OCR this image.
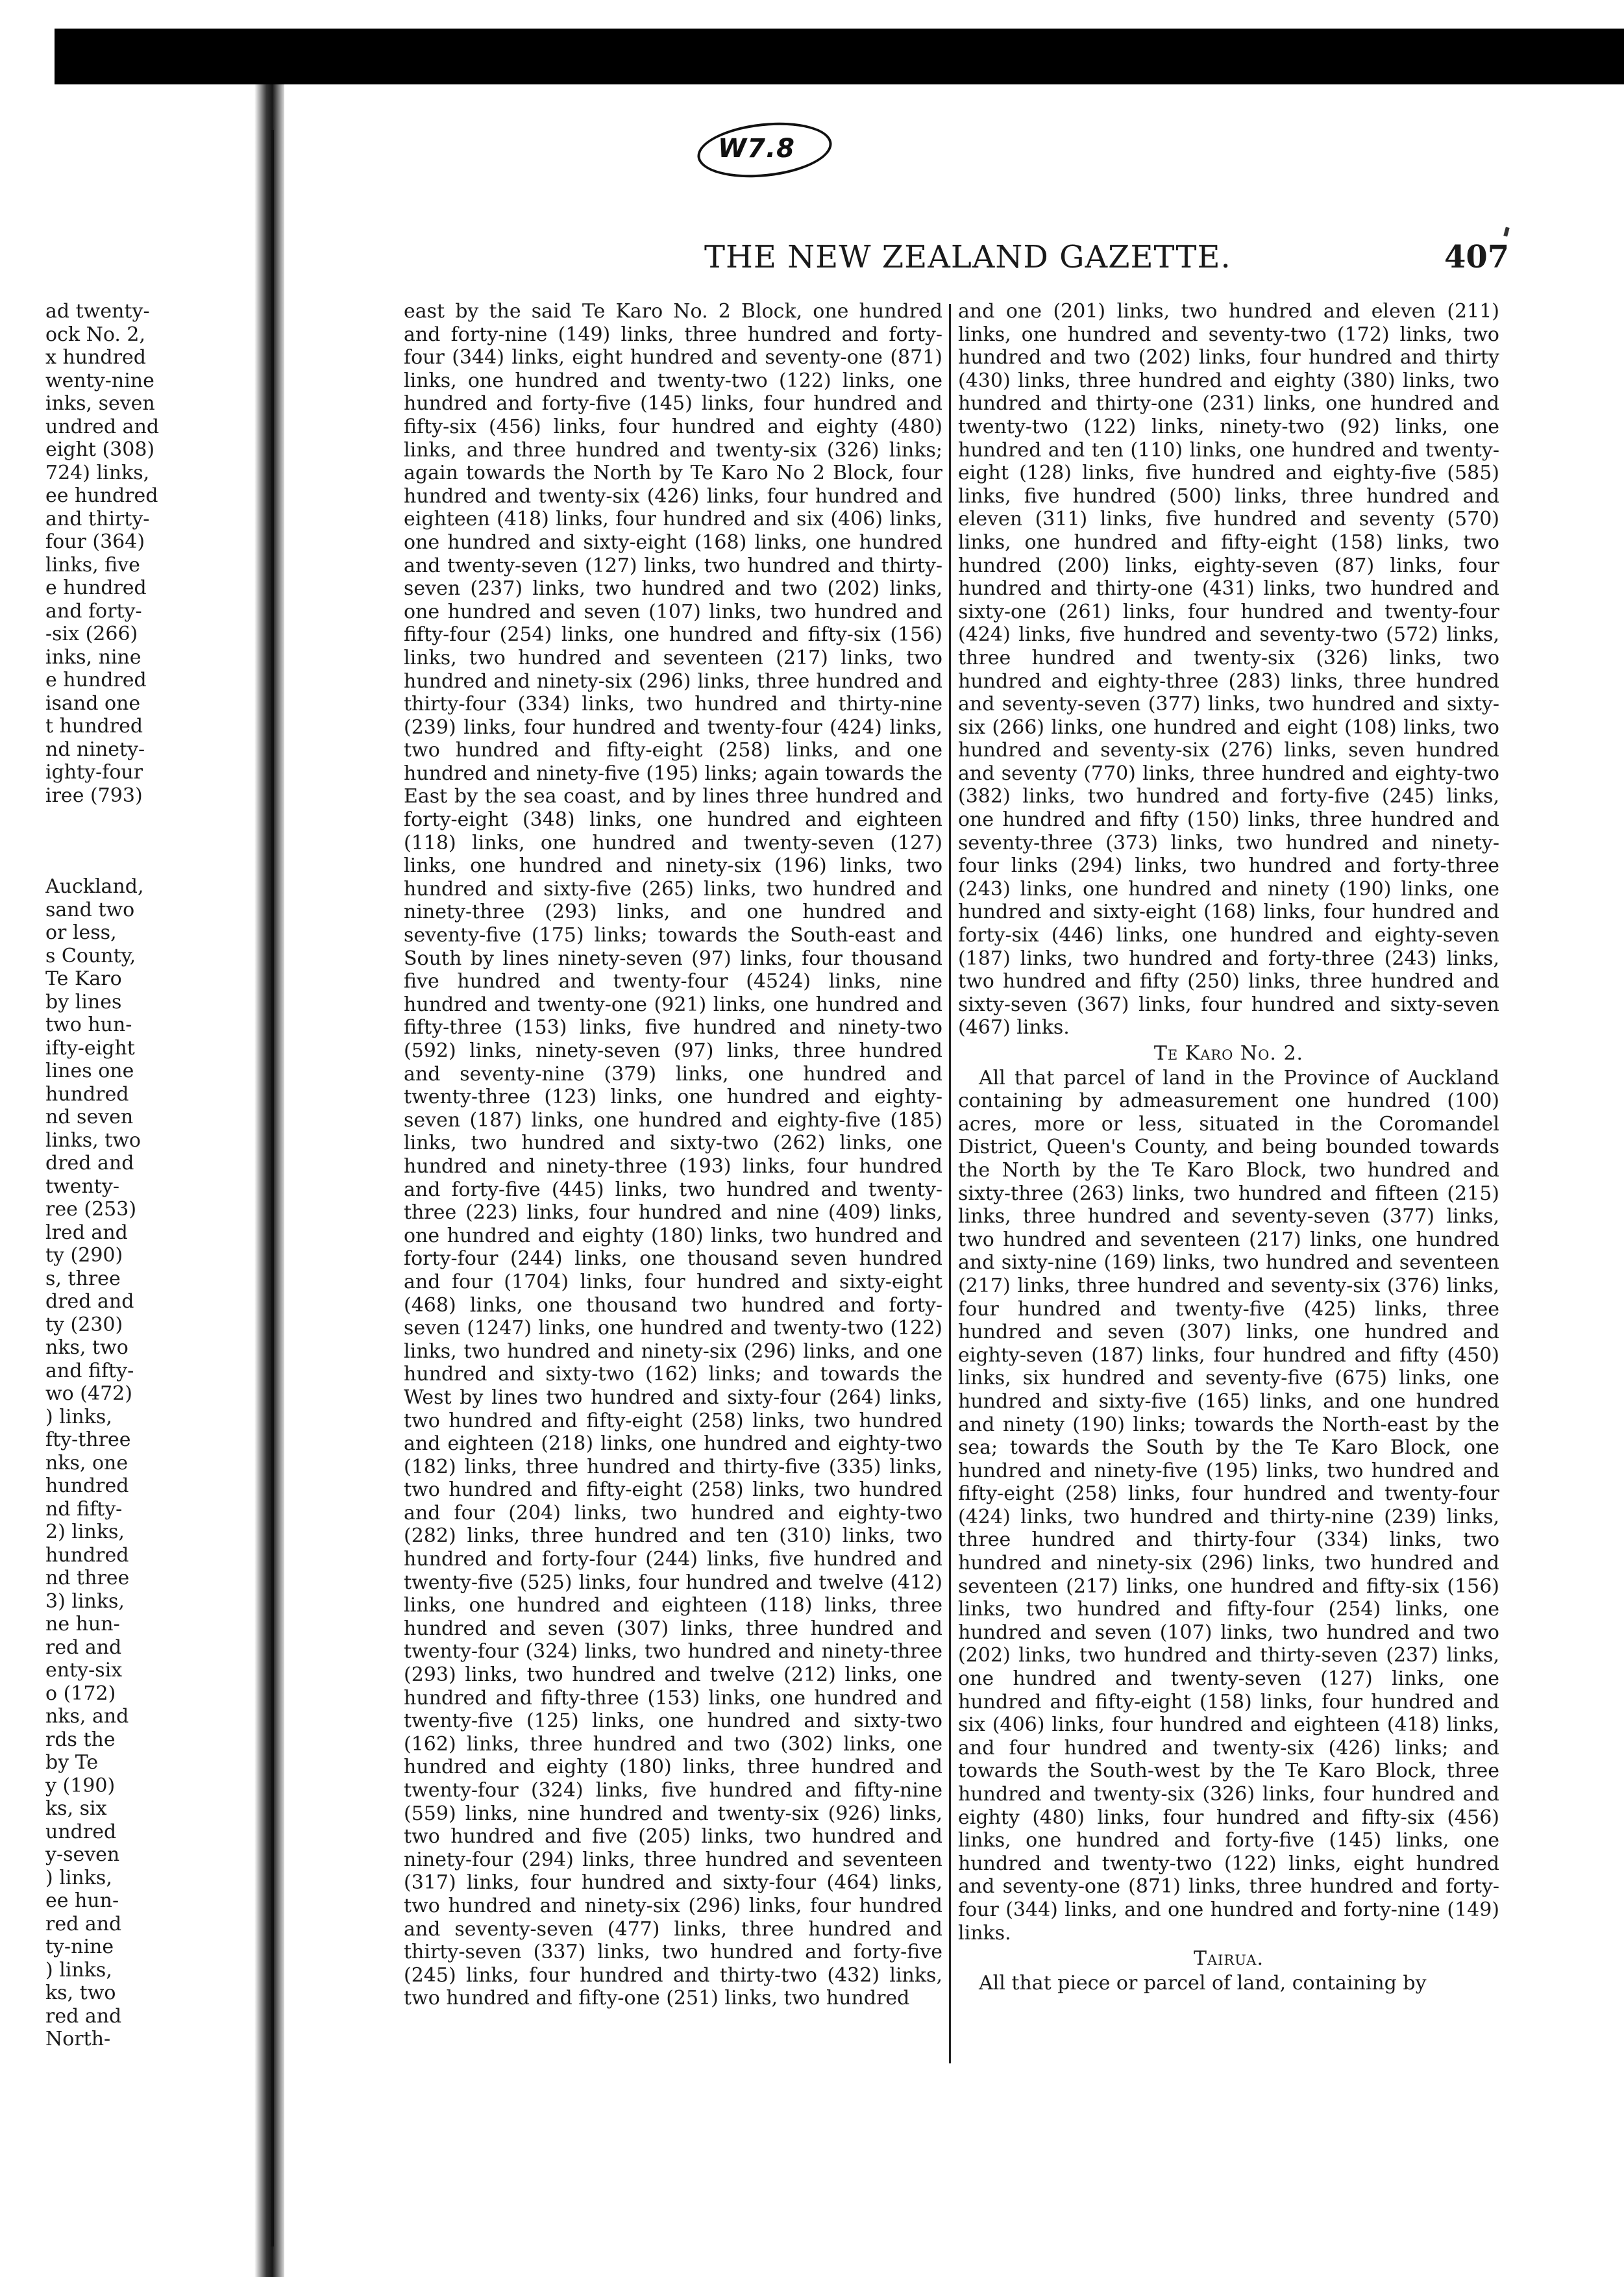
W7.8
THE NEW ZEALAND GAZETTE.	407

ad twenty-

ock No. 2,

x hundred

wenty-nine

inks, seven

undred and

eight (308)

724) links,

ee hundred

and thirty-

four (364)

links, five

e hundred

and forty-

-six (266)

inks, nine

e hundred

isand one

t hundred

nd ninety-

ighty-four

iree (793)

Auckland,

sand two

or less,

s County,

Te Karo

by lines

two hun-

ifty-eight

lines one

hundred

nd seven

links, two

dred and

twenty-

ree (253)

lred and

ty (290)

s, three

dred and

ty (230)

nks, two

and fifty-

wo (472)

) links,

fty-three

nks, one

hundred

nd fifty-

2) links,

hundred

nd three

3) links,

ne hun-

red and

enty-six

o (172)

nks, and

rds the

by Te

y (190)

ks, six

undred

y-seven

) links,

ee hun-

red and

ty-nine

) links,

ks, two

red and

North-

east by the said Te Karo No. 2 Block, one hundred and forty-nine (149) links, three hundred and forty-four (344) links, eight hundred and seventy-one (871) links, one hundred and twenty-two (122) links, one hundred and forty-five (145) links, four hundred and fifty-six (456) links, four hundred and eighty (480) links, and three hundred and twenty-six (326) links; again towards the North by Te Karo No 2 Block, four hundred and twenty-six (426) links, four hundred and eighteen (418) links, four hundred and six (406) links, one hundred and sixty-eight (168) links, one hundred and twenty-seven (127) links, two hundred and thirty-seven (237) links, two hundred and two (202) links, one hundred and seven (107) links, two hundred and fifty-four (254) links, one hundred and fifty-six (156) links, two hundred and seventeen (217) links, two hundred and ninety-six (296) links, three hundred and thirty-four (334) links, two hundred and thirty-nine (239) links, four hundred and twenty-four (424) links, two hundred and fifty-eight (258) links, and one hundred and ninety-five (195) links; again towards the East by the sea coast, and by lines three hundred and forty-eight (348) links, one hundred and eighteen (118) links, one hundred and twenty-seven (127) links, one hundred and ninety-six (196) links, two hundred and sixty-five (265) links, two hundred and ninety-three (293) links, and one hundred and seventy-five (175) links; towards the South-east and South by lines ninety-seven (97) links, four thousand five hundred and twenty-four (4524) links, nine hundred and twenty-one (921) links, one hundred and fifty-three (153) links, five hundred and ninety-two (592) links, ninety-seven (97) links, three hundred and seventy-nine (379) links, one hundred and twenty-three (123) links, one hundred and eighty-seven (187) links, one hundred and eighty-five (185) links, two hundred and sixty-two (262) links, one hundred and ninety-three (193) links, four hundred and forty-five (445) links, two hundred and twenty-three (223) links, four hundred and nine (409) links, one hundred and eighty (180) links, two hundred and forty-four (244) links, one thousand seven hundred and four (1704) links, four hundred and sixty-eight (468) links, one thousand two hundred and forty-seven (1247) links, one hundred and twenty-two (122) links, two hundred and ninety-six (296) links, and one hundred and sixty-two (162) links; and towards the West by lines two hundred and sixty-four (264) links, two hundred and fifty-eight (258) links, two hundred and eighteen (218) links, one hundred and eighty-two (182) links, three hundred and thirty-five (335) links, two hundred and fifty-eight (258) links, two hundred and four (204) links, two hundred and eighty-two (282) links, three hundred and ten (310) links, two hundred and forty-four (244) links, five hundred and twenty-five (525) links, four hundred and twelve (412) links, one hundred and eighteen (118) links, three hundred and seven (307) links, three hundred and twenty-four (324) links, two hundred and ninety-three (293) links, two hundred and twelve (212) links, one hundred and fifty-three (153) links, one hundred and twenty-five (125) links, one hundred and sixty-two (162) links, three hundred and two (302) links, one hundred and eighty (180) links, three hundred and twenty-four (324) links, five hundred and fifty-nine (559) links, nine hundred and twenty-six (926) links, two hundred and five (205) links, two hundred and ninety-four (294) links, three hundred and seventeen (317) links, four hundred and sixty-four (464) links, two hundred and ninety-six (296) links, four hundred and seventy-seven (477) links, three hundred and thirty-seven (337) links, two hundred and forty-five (245) links, four hundred and thirty-two (432) links, two hundred and fifty-one (251) links, two hundred

and one (201) links, two hundred and eleven (211) links, one hundred and seventy-two (172) links, two hundred and two (202) links, four hundred and thirty (430) links, three hundred and eighty (380) links, two hundred and thirty-one (231) links, one hundred and twenty-two (122) links, ninety-two (92) links, one hundred and ten (110) links, one hundred and twenty-eight (128) links, five hundred and eighty-five (585) links, five hundred (500) links, three hundred and eleven (311) links, five hundred and seventy (570) links, one hundred and fifty-eight (158) links, two hundred (200) links, eighty-seven (87) links, four hundred and thirty-one (431) links, two hundred and sixty-one (261) links, four hundred and twenty-four (424) links, five hundred and seventy-two (572) links, three hundred and twenty-six (326) links, two hundred and eighty-three (283) links, three hundred and seventy-seven (377) links, two hundred and sixty-six (266) links, one hundred and eight (108) links, two hundred and seventy-six (276) links, seven hundred and seventy (770) links, three hundred and eighty-two (382) links, two hundred and forty-five (245) links, one hundred and fifty (150) links, three hundred and seventy-three (373) links, two hundred and ninety-four links (294) links, two hundred and forty-three (243) links, one hundred and ninety (190) links, one hundred and sixty-eight (168) links, four hundred and forty-six (446) links, one hundred and eighty-seven (187) links, two hundred and forty-three (243) links, two hundred and fifty (250) links, three hundred and sixty-seven (367) links, four hundred and sixty-seven (467) links.

Te Karo No. 2.

All that parcel of land in the Province of Auckland containing by admeasurement one hundred (100) acres, more or less, situated in the Coromandel District, Queen's County, and being bounded towards the North by the Te Karo Block, two hundred and sixty-three (263) links, two hundred and fifteen (215) links, three hundred and seventy-seven (377) links, two hundred and seventeen (217) links, one hundred and sixty-nine (169) links, two hundred and seventeen (217) links, three hundred and seventy-six (376) links, four hundred and twenty-five (425) links, three hundred and seven (307) links, one hundred and eighty-seven (187) links, four hundred and fifty (450) links, six hundred and seventy-five (675) links, one hundred and sixty-five (165) links, and one hundred and ninety (190) links; towards the North-east by the sea; towards the South by the Te Karo Block, one hundred and ninety-five (195) links, two hundred and fifty-eight (258) links, four hundred and twenty-four (424) links, two hundred and thirty-nine (239) links, three hundred and thirty-four (334) links, two hundred and ninety-six (296) links, two hundred and seventeen (217) links, one hundred and fifty-six (156) links, two hundred and fifty-four (254) links, one hundred and seven (107) links, two hundred and two (202) links, two hundred and thirty-seven (237) links, one hundred and twenty-seven (127) links, one hundred and fifty-eight (158) links, four hundred and six (406) links, four hundred and eighteen (418) links, and four hundred and twenty-six (426) links; and towards the South-west by the Te Karo Block, three hundred and twenty-six (326) links, four hundred and eighty (480) links, four hundred and fifty-six (456) links, one hundred and forty-five (145) links, one hundred and twenty-two (122) links, eight hundred and seventy-one (871) links, three hundred and forty-four (344) links, and one hundred and forty-nine (149) links.

Tairua.

All that piece or parcel of land, containing by
